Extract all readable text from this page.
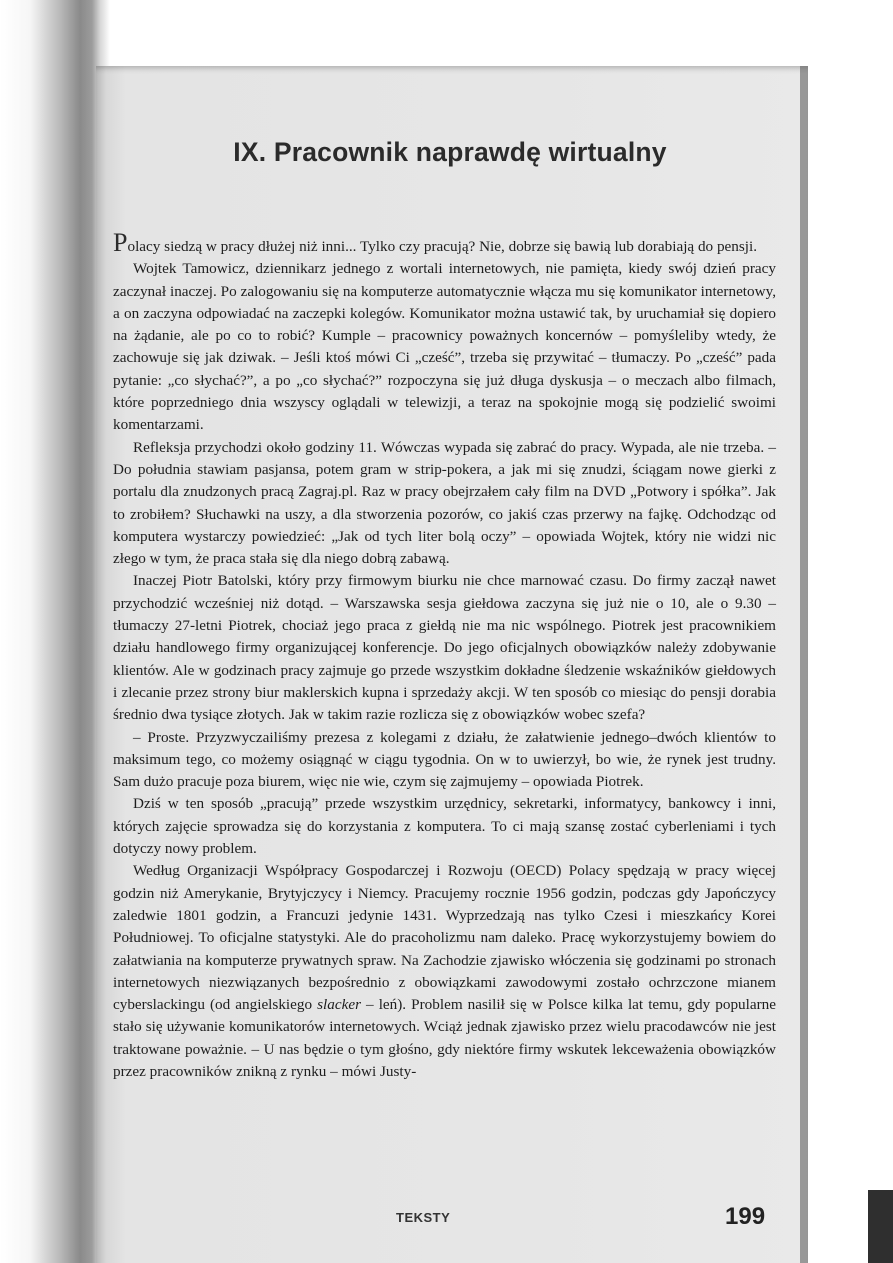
IX. Pracownik naprawdę wirtualny

Polacy siedzą w pracy dłużej niż inni... Tylko czy pracują? Nie, dobrze się bawią lub dorabiają do pensji.

Wojtek Tamowicz, dziennikarz jednego z wortali internetowych, nie pamięta, kiedy swój dzień pracy zaczynał inaczej. Po zalogowaniu się na komputerze automatycznie włącza mu się komunikator internetowy, a on zaczyna odpowiadać na zaczepki kolegów. Komunikator można ustawić tak, by uruchamiał się dopiero na żądanie, ale po co to robić? Kumple – pracownicy poważnych koncernów – pomyśleliby wtedy, że zachowuje się jak dziwak. – Jeśli ktoś mówi Ci „cześć”, trzeba się przywitać – tłumaczy. Po „cześć” pada pytanie: „co słychać?”, a po „co słychać?” rozpoczyna się już długa dyskusja – o meczach albo filmach, które poprzedniego dnia wszyscy oglądali w telewizji, a teraz na spokojnie mogą się podzielić swoimi komentarzami.

Refleksja przychodzi około godziny 11. Wówczas wypada się zabrać do pracy. Wypada, ale nie trzeba. – Do południa stawiam pasjansa, potem gram w strip-pokera, a jak mi się znudzi, ściągam nowe gierki z portalu dla znudzonych pracą Zagraj.pl. Raz w pracy obejrzałem cały film na DVD „Potwory i spółka”. Jak to zrobiłem? Słuchawki na uszy, a dla stworzenia pozorów, co jakiś czas przerwy na fajkę. Odchodząc od komputera wystarczy powiedzieć: „Jak od tych liter bolą oczy” – opowiada Wojtek, który nie widzi nic złego w tym, że praca stała się dla niego dobrą zabawą.

Inaczej Piotr Batolski, który przy firmowym biurku nie chce marnować czasu. Do firmy zaczął nawet przychodzić wcześniej niż dotąd. – Warszawska sesja giełdowa zaczyna się już nie o 10, ale o 9.30 – tłumaczy 27-letni Piotrek, chociaż jego praca z giełdą nie ma nic wspólnego. Piotrek jest pracownikiem działu handlowego firmy organizującej konferencje. Do jego oficjalnych obowiązków należy zdobywanie klientów. Ale w godzinach pracy zajmuje go przede wszystkim dokładne śledzenie wskaźników giełdowych i zlecanie przez strony biur maklerskich kupna i sprzedaży akcji. W ten sposób co miesiąc do pensji dorabia średnio dwa tysiące złotych. Jak w takim razie rozlicza się z obowiązków wobec szefa?

– Proste. Przyzwyczailiśmy prezesa z kolegami z działu, że załatwienie jednego–dwóch klientów to maksimum tego, co możemy osiągnąć w ciągu tygodnia. On w to uwierzył, bo wie, że rynek jest trudny. Sam dużo pracuje poza biurem, więc nie wie, czym się zajmujemy – opowiada Piotrek.

Dziś w ten sposób „pracują” przede wszystkim urzędnicy, sekretarki, informatycy, bankowcy i inni, których zajęcie sprowadza się do korzystania z komputera. To ci mają szansę zostać cyberleniami i tych dotyczy nowy problem.

Według Organizacji Współpracy Gospodarczej i Rozwoju (OECD) Polacy spędzają w pracy więcej godzin niż Amerykanie, Brytyjczycy i Niemcy. Pracujemy rocznie 1956 godzin, podczas gdy Japończycy zaledwie 1801 godzin, a Francuzi jedynie 1431. Wyprzedzają nas tylko Czesi i mieszkańcy Korei Południowej. To oficjalne statystyki. Ale do pracoholizmu nam daleko. Pracę wykorzystujemy bowiem do załatwiania na komputerze prywatnych spraw. Na Zachodzie zjawisko włóczenia się godzinami po stronach internetowych niezwiązanych bezpośrednio z obowiązkami zawodowymi zostało ochrzczone mianem cyberslackingu (od angielskiego slacker – leń). Problem nasilił się w Polsce kilka lat temu, gdy popularne stało się używanie komunikatorów internetowych. Wciąż jednak zjawisko przez wielu pracodawców nie jest traktowane poważnie. – U nas będzie o tym głośno, gdy niektóre firmy wskutek lekceważenia obowiązków przez pracowników znikną z rynku – mówi Justy-

TEKSTY	199
